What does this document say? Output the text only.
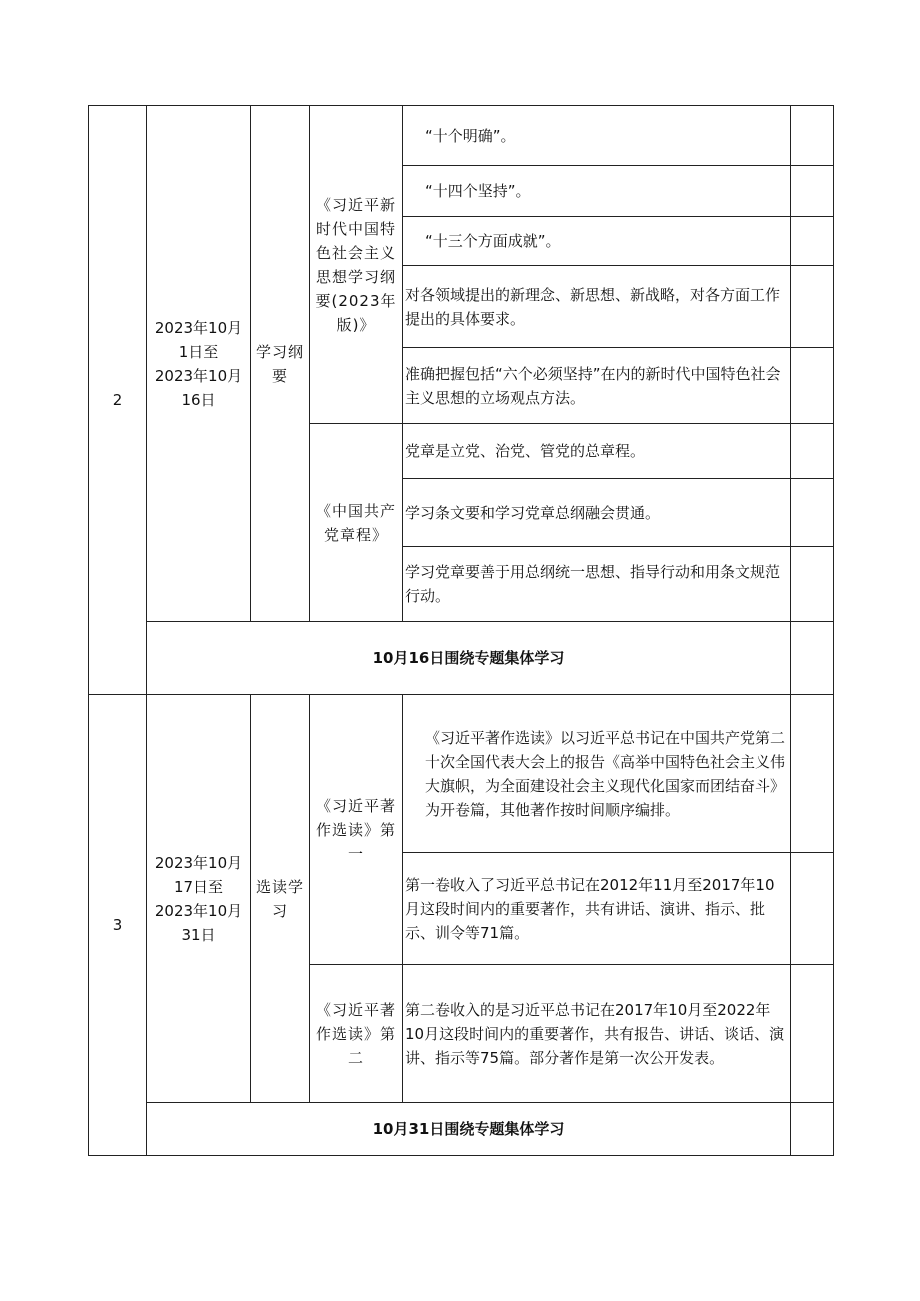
2	2023年10月
1日至
2023年10月
16日	学习纲要	《习近平新时代中国特色社会主义思想学习纲要(2023年版)》	“十个明确”。	
				“十四个坚持”。	
				“十三个方面成就”。	
				对各领域提出的新理念、新思想、新战略，对各方面工作提出的具体要求。	
				准确把握包括“六个必须坚持”在内的新时代中国特色社会主义思想的立场观点方法。	

			《中国共产党章程》	党章是立党、治党、管党的总章程。	
				学习条文要和学习党章总纲融会贯通。	
				学习党章要善于用总纲统一思想、指导行动和用条文规范行动。	
	10月16日围绕专题集体学习				
3	2023年10月
17日至
2023年10月
31日	选读学习	《习近平著作选读》第一	《习近平著作选读》以习近平总书记在中国共产党第二十次全国代表大会上的报告《高举中国特色社会主义伟大旗帜，为全面建设社会主义现代化国家而团结奋斗》为开卷篇，其他著作按时间顺序编排。	
				第一卷收入了习近平总书记在2012年11月至2017年10月这段时间内的重要著作，共有讲话、演讲、指示、批示、训令等71篇。	
			《习近平著作选读》第二	第二卷收入的是习近平总书记在2017年10月至2022年10月这段时间内的重要著作，共有报告、讲话、谈话、演讲、指示等75篇。部分著作是第一次公开发表。	
	10月31日围绕专题集体学习				
